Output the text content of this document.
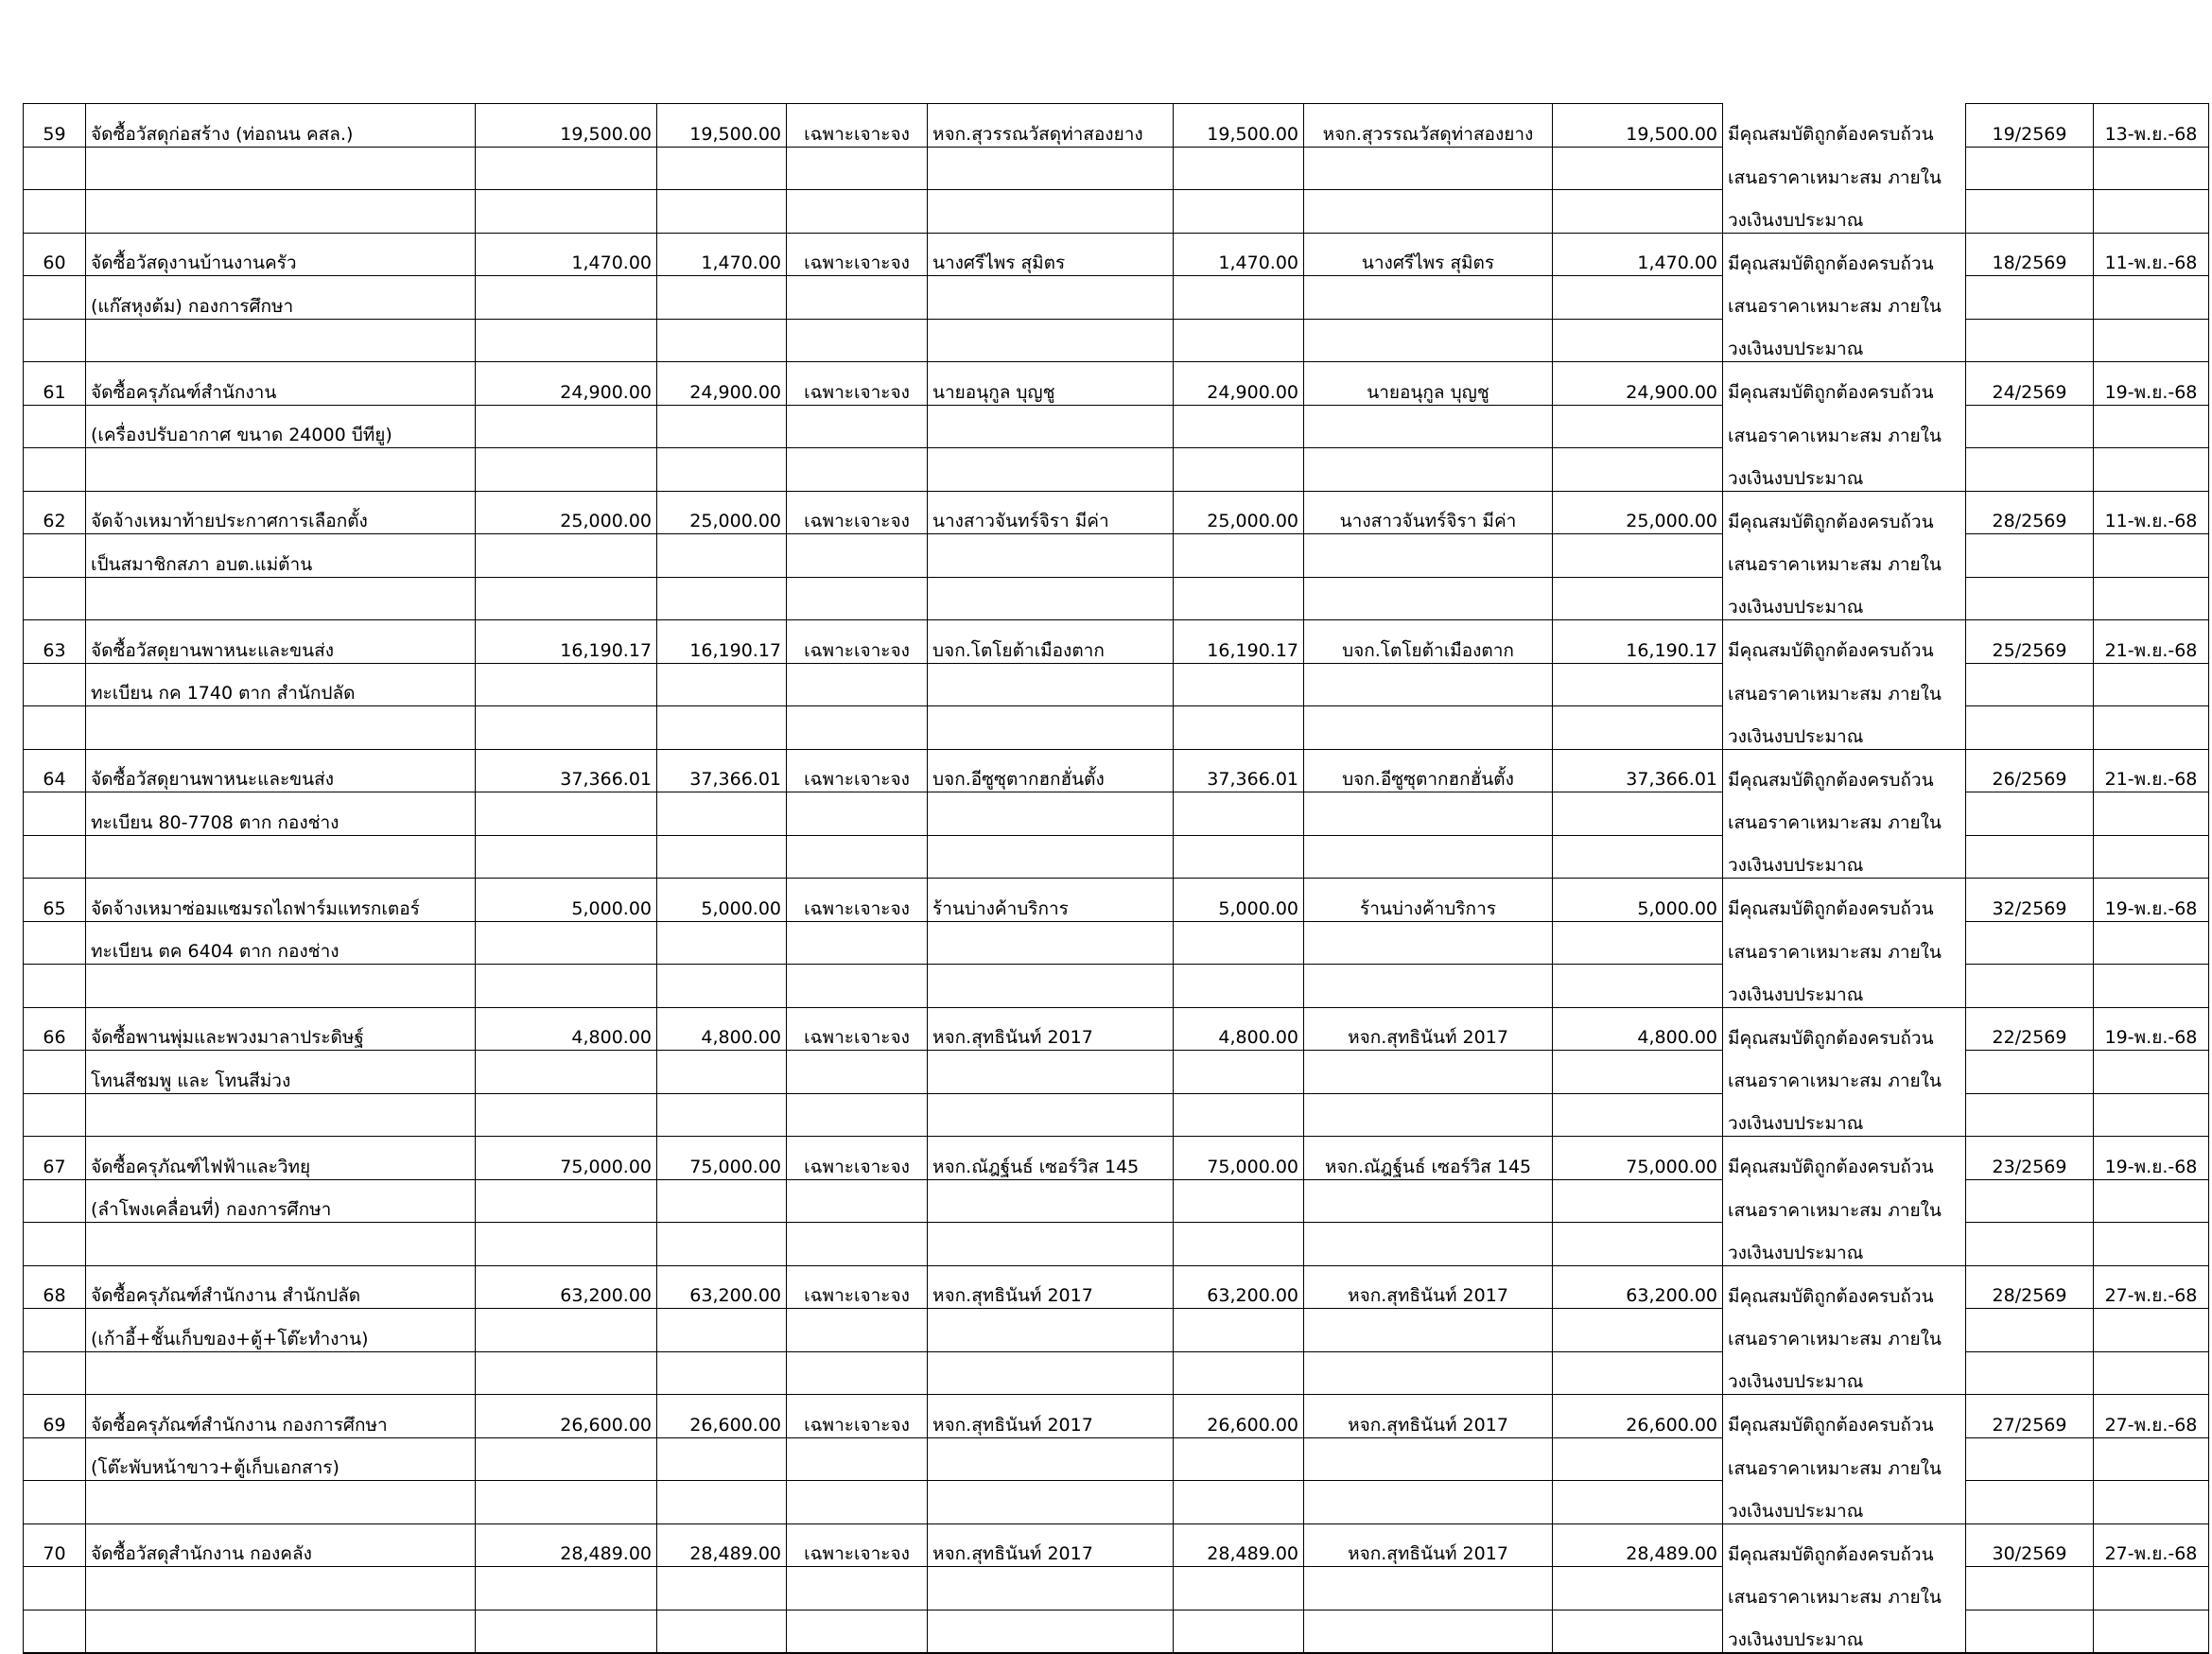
59	จัดซื้อวัสดุก่อสร้าง (ท่อถนน คสล.)	19,500.00	19,500.00	เฉพาะเจาะจง	หจก.สุวรรณวัสดุท่าสองยาง	19,500.00	หจก.สุวรรณวัสดุท่าสองยาง	19,500.00	มีคุณสมบัติถูกต้องครบถ้วน	19/2569	13-พ.ย.-68
									เสนอราคาเหมาะสม ภายใน		
									วงเงินงบประมาณ		
60	จัดซื้อวัสดุงานบ้านงานครัว	1,470.00	1,470.00	เฉพาะเจาะจง	นางศรีไพร สุมิตร	1,470.00	นางศรีไพร สุมิตร	1,470.00	มีคุณสมบัติถูกต้องครบถ้วน	18/2569	11-พ.ย.-68
	(แก๊สหุงต้ม) กองการศึกษา								เสนอราคาเหมาะสม ภายใน		
									วงเงินงบประมาณ		
61	จัดซื้อครุภัณฑ์สำนักงาน	24,900.00	24,900.00	เฉพาะเจาะจง	นายอนุกูล บุญชู	24,900.00	นายอนุกูล บุญชู	24,900.00	มีคุณสมบัติถูกต้องครบถ้วน	24/2569	19-พ.ย.-68
	(เครื่องปรับอากาศ ขนาด 24000 บีทียู)								เสนอราคาเหมาะสม ภายใน		
									วงเงินงบประมาณ		
62	จัดจ้างเหมาท้ายประกาศการเลือกตั้ง	25,000.00	25,000.00	เฉพาะเจาะจง	นางสาวจันทร์จิรา มีค่า	25,000.00	นางสาวจันทร์จิรา มีค่า	25,000.00	มีคุณสมบัติถูกต้องครบถ้วน	28/2569	11-พ.ย.-68
	เป็นสมาชิกสภา อบต.แม่ต้าน								เสนอราคาเหมาะสม ภายใน		
									วงเงินงบประมาณ		
63	จัดซื้อวัสดุยานพาหนะและขนส่ง	16,190.17	16,190.17	เฉพาะเจาะจง	บจก.โตโยต้าเมืองตาก	16,190.17	บจก.โตโยต้าเมืองตาก	16,190.17	มีคุณสมบัติถูกต้องครบถ้วน	25/2569	21-พ.ย.-68
	ทะเบียน กค 1740 ตาก สำนักปลัด								เสนอราคาเหมาะสม ภายใน		
									วงเงินงบประมาณ		
64	จัดซื้อวัสดุยานพาหนะและขนส่ง	37,366.01	37,366.01	เฉพาะเจาะจง	บจก.อีซูซุตากฮกฮั่นตั้ง	37,366.01	บจก.อีซูซุตากฮกฮั่นตั้ง	37,366.01	มีคุณสมบัติถูกต้องครบถ้วน	26/2569	21-พ.ย.-68
	ทะเบียน 80-7708 ตาก กองช่าง								เสนอราคาเหมาะสม ภายใน		
									วงเงินงบประมาณ		
65	จัดจ้างเหมาซ่อมแซมรถไถฟาร์มแทรกเตอร์	5,000.00	5,000.00	เฉพาะเจาะจง	ร้านบ่างค้าบริการ	5,000.00	ร้านบ่างค้าบริการ	5,000.00	มีคุณสมบัติถูกต้องครบถ้วน	32/2569	19-พ.ย.-68
	ทะเบียน ตค 6404 ตาก กองช่าง								เสนอราคาเหมาะสม ภายใน		
									วงเงินงบประมาณ		
66	จัดซื้อพานพุ่มและพวงมาลาประดิษฐ์	4,800.00	4,800.00	เฉพาะเจาะจง	หจก.สุทธินันท์ 2017	4,800.00	หจก.สุทธินันท์ 2017	4,800.00	มีคุณสมบัติถูกต้องครบถ้วน	22/2569	19-พ.ย.-68
	โทนสีชมพู และ โทนสีม่วง								เสนอราคาเหมาะสม ภายใน		
									วงเงินงบประมาณ		
67	จัดซื้อครุภัณฑ์ไฟฟ้าและวิทยุ	75,000.00	75,000.00	เฉพาะเจาะจง	หจก.ณัฎฐ์นธ์ เซอร์วิส 145	75,000.00	หจก.ณัฎฐ์นธ์ เซอร์วิส 145	75,000.00	มีคุณสมบัติถูกต้องครบถ้วน	23/2569	19-พ.ย.-68
	(ลำโพงเคลื่อนที่) กองการศึกษา								เสนอราคาเหมาะสม ภายใน		
									วงเงินงบประมาณ		
68	จัดซื้อครุภัณฑ์สำนักงาน สำนักปลัด	63,200.00	63,200.00	เฉพาะเจาะจง	หจก.สุทธินันท์ 2017	63,200.00	หจก.สุทธินันท์ 2017	63,200.00	มีคุณสมบัติถูกต้องครบถ้วน	28/2569	27-พ.ย.-68
	(เก้าอี้+ชั้นเก็บของ+ตู้+โต๊ะทำงาน)								เสนอราคาเหมาะสม ภายใน		
									วงเงินงบประมาณ		
69	จัดซื้อครุภัณฑ์สำนักงาน กองการศึกษา	26,600.00	26,600.00	เฉพาะเจาะจง	หจก.สุทธินันท์ 2017	26,600.00	หจก.สุทธินันท์ 2017	26,600.00	มีคุณสมบัติถูกต้องครบถ้วน	27/2569	27-พ.ย.-68
	(โต๊ะพับหน้าขาว+ตู้เก็บเอกสาร)								เสนอราคาเหมาะสม ภายใน		
									วงเงินงบประมาณ		
70	จัดซื้อวัสดุสำนักงาน กองคลัง	28,489.00	28,489.00	เฉพาะเจาะจง	หจก.สุทธินันท์ 2017	28,489.00	หจก.สุทธินันท์ 2017	28,489.00	มีคุณสมบัติถูกต้องครบถ้วน	30/2569	27-พ.ย.-68
									เสนอราคาเหมาะสม ภายใน		
									วงเงินงบประมาณ		
